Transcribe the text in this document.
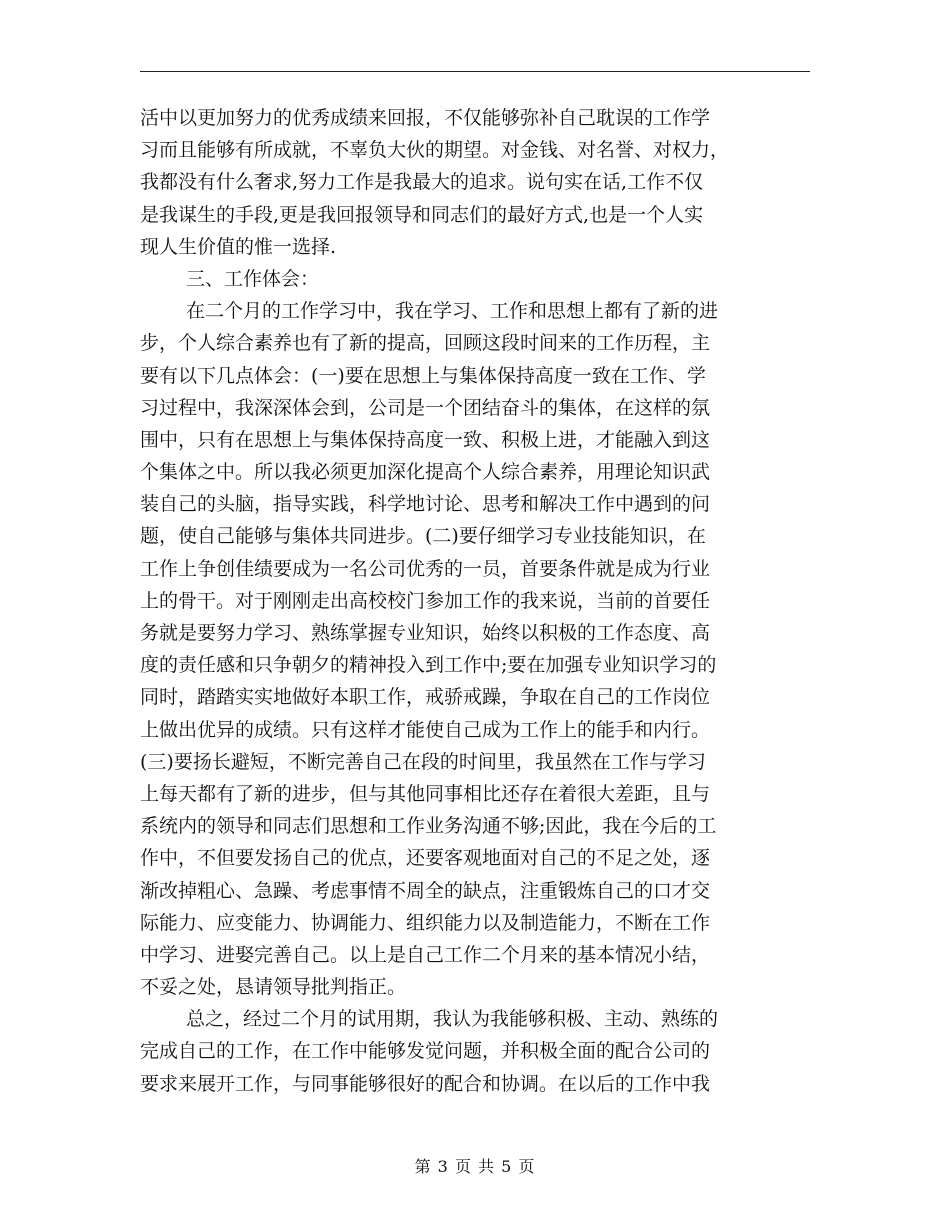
活中以更加努力的优秀成绩来回报，不仅能够弥补自己耽误的工作学
习而且能够有所成就，不辜负大伙的期望。对金钱、对名誉、对权力，
我都没有什么奢求,努力工作是我最大的追求。说句实在话,工作不仅
是我谋生的手段,更是我回报领导和同志们的最好方式,也是一个人实
现人生价值的惟一选择.
三、工作体会：
在二个月的工作学习中，我在学习、工作和思想上都有了新的进
步，个人综合素养也有了新的提高，回顾这段时间来的工作历程，主
要有以下几点体会：(一)要在思想上与集体保持高度一致在工作、学
习过程中，我深深体会到，公司是一个团结奋斗的集体，在这样的氛
围中，只有在思想上与集体保持高度一致、积极上进，才能融入到这
个集体之中。所以我必须更加深化提高个人综合素养，用理论知识武
装自己的头脑，指导实践，科学地讨论、思考和解决工作中遇到的问
题，使自己能够与集体共同进步。(二)要仔细学习专业技能知识，在
工作上争创佳绩要成为一名公司优秀的一员，首要条件就是成为行业
上的骨干。对于刚刚走出高校校门参加工作的我来说，当前的首要任
务就是要努力学习、熟练掌握专业知识，始终以积极的工作态度、高
度的责任感和只争朝夕的精神投入到工作中;要在加强专业知识学习的
同时，踏踏实实地做好本职工作，戒骄戒躁，争取在自己的工作岗位
上做出优异的成绩。只有这样才能使自己成为工作上的能手和内行。
(三)要扬长避短，不断完善自己在段的时间里，我虽然在工作与学习
上每天都有了新的进步，但与其他同事相比还存在着很大差距，且与
系统内的领导和同志们思想和工作业务沟通不够;因此，我在今后的工
作中，不但要发扬自己的优点，还要客观地面对自己的不足之处，逐
渐改掉粗心、急躁、考虑事情不周全的缺点，注重锻炼自己的口才交
际能力、应变能力、协调能力、组织能力以及制造能力，不断在工作
中学习、进娶完善自己。以上是自己工作二个月来的基本情况小结，
不妥之处，恳请领导批判指正。
总之，经过二个月的试用期，我认为我能够积极、主动、熟练的
完成自己的工作，在工作中能够发觉问题，并积极全面的配合公司的
要求来展开工作，与同事能够很好的配合和协调。在以后的工作中我
第 3 页 共 5 页
